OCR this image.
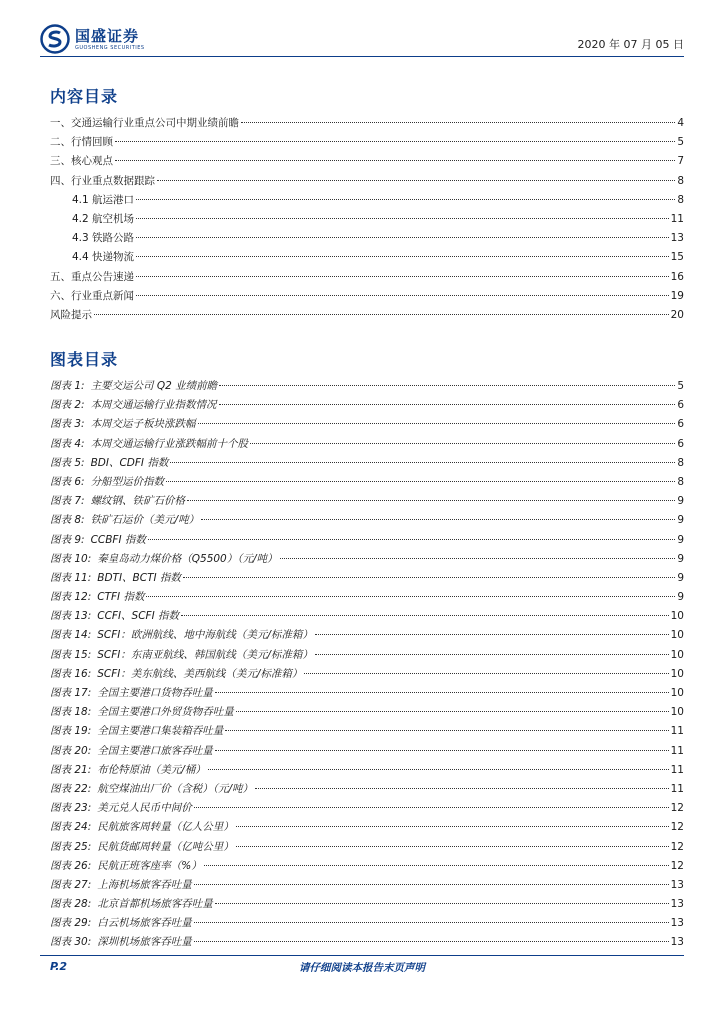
国盛证券
GUOSHENG SECURITIES	2020 年 07 月 05 日
内容目录
一、交通运输行业重点公司中期业绩前瞻	4
二、行情回顾	5
三、核心观点	7
四、行业重点数据跟踪	8
4.1 航运港口	8
4.2 航空机场	11
4.3 铁路公路	13
4.4 快递物流	15
五、重点公告速递	16
六、行业重点新闻	19
风险提示	20
图表目录
图表 1: 主要交运公司 Q2 业绩前瞻	5
图表 2: 本周交通运输行业指数情况	6
图表 3: 本周交运子板块涨跌幅	6
图表 4: 本周交通运输行业涨跌幅前十个股	6
图表 5: BDI、CDFI 指数	8
图表 6: 分船型运价指数	8
图表 7: 螺纹钢、铁矿石价格	9
图表 8: 铁矿石运价（美元/吨）	9
图表 9: CCBFI 指数	9
图表 10: 秦皇岛动力煤价格（Q5500）（元/吨）	9
图表 11: BDTI、BCTI 指数	9
图表 12: CTFI 指数	9
图表 13: CCFI、SCFI 指数	10
图表 14: SCFI：欧洲航线、地中海航线（美元/标准箱）	10
图表 15: SCFI：东南亚航线、韩国航线（美元/标准箱）	10
图表 16: SCFI：美东航线、美西航线（美元/标准箱）	10
图表 17: 全国主要港口货物吞吐量	10
图表 18: 全国主要港口外贸货物吞吐量	10
图表 19: 全国主要港口集装箱吞吐量	11
图表 20: 全国主要港口旅客吞吐量	11
图表 21: 布伦特原油（美元/桶）	11
图表 22: 航空煤油出厂价（含税）（元/吨）	11
图表 23: 美元兑人民币中间价	12
图表 24: 民航旅客周转量（亿人公里）	12
图表 25: 民航货邮周转量（亿吨公里）	12
图表 26: 民航正班客座率（%）	12
图表 27: 上海机场旅客吞吐量	13
图表 28: 北京首都机场旅客吞吐量	13
图表 29: 白云机场旅客吞吐量	13
图表 30: 深圳机场旅客吞吐量	13
P.2	请仔细阅读本报告末页声明
